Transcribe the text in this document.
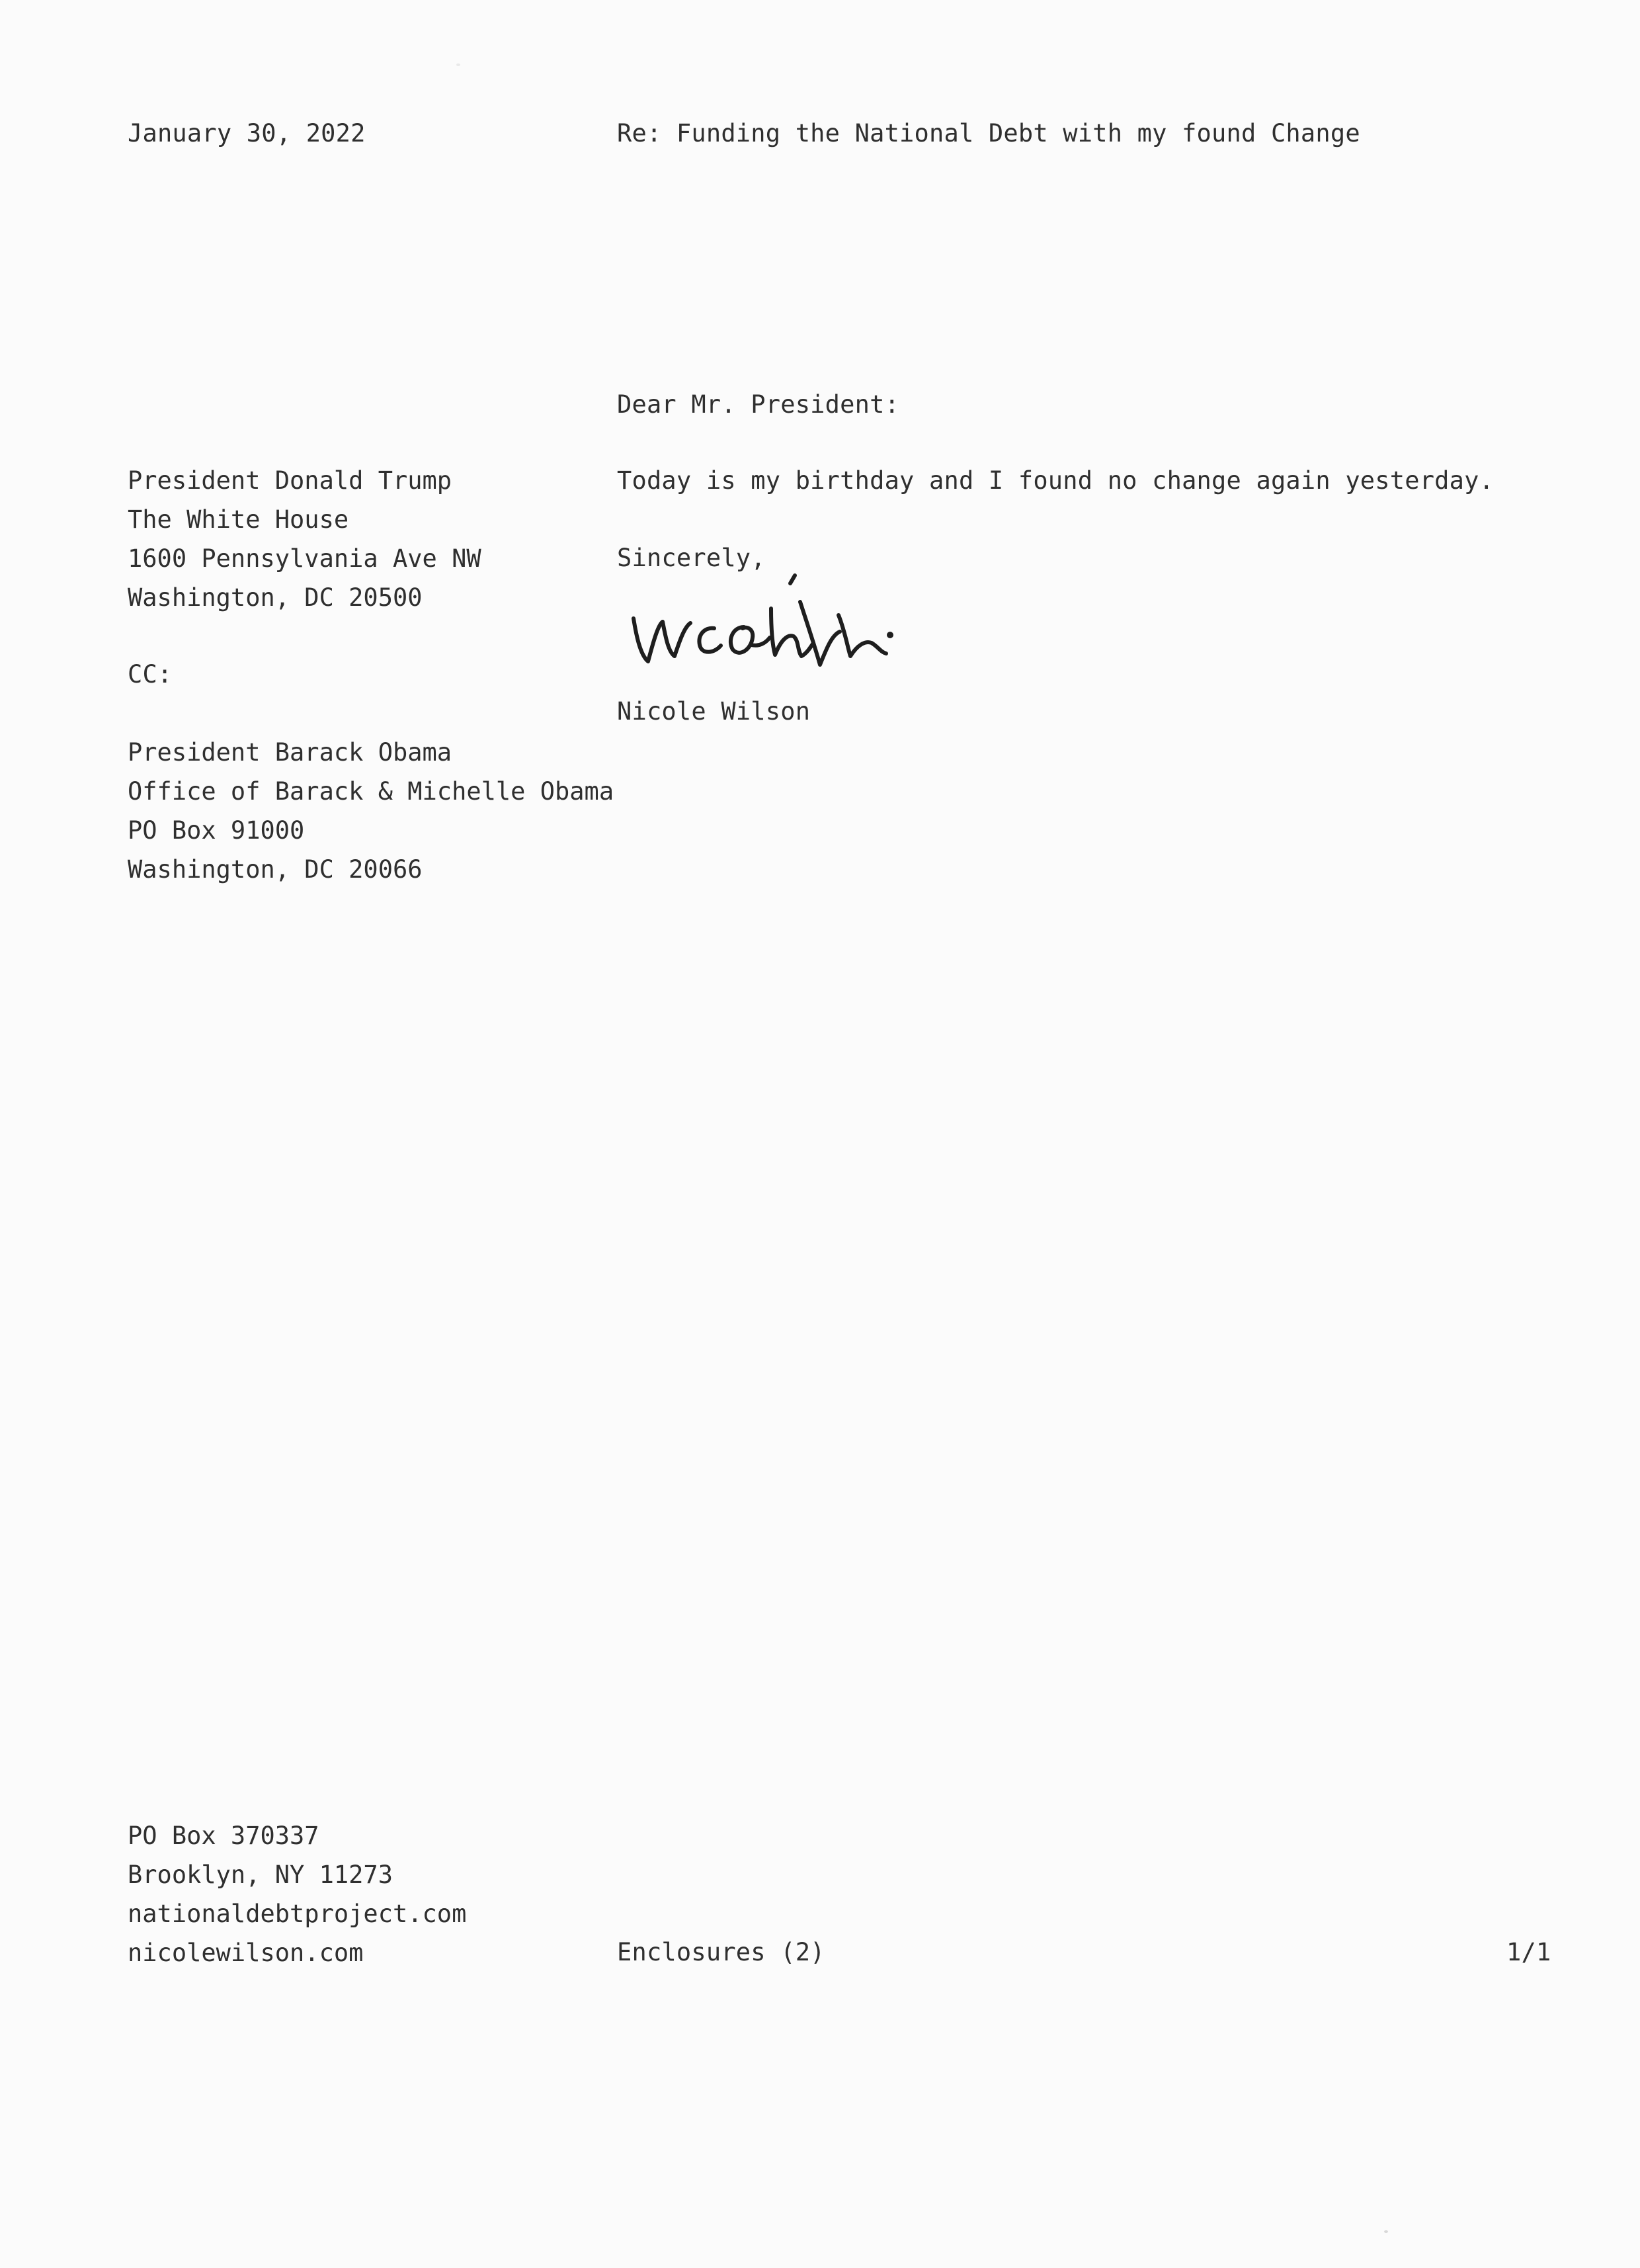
January 30, 2022	Re: Funding the National Debt with my found Change
Dear Mr. President:
President Donald Trump
The White House
1600 Pennsylvania Ave NW
Washington, DC 20500
Today is my birthday and I found no change again yesterday.
Sincerely,
Nicole Wilson
CC:
President Barack Obama
Office of Barack & Michelle Obama
PO Box 91000
Washington, DC 20066
PO Box 370337
Brooklyn, NY 11273
nationaldebtproject.com
nicolewilson.com	Enclosures (2)	1/1
